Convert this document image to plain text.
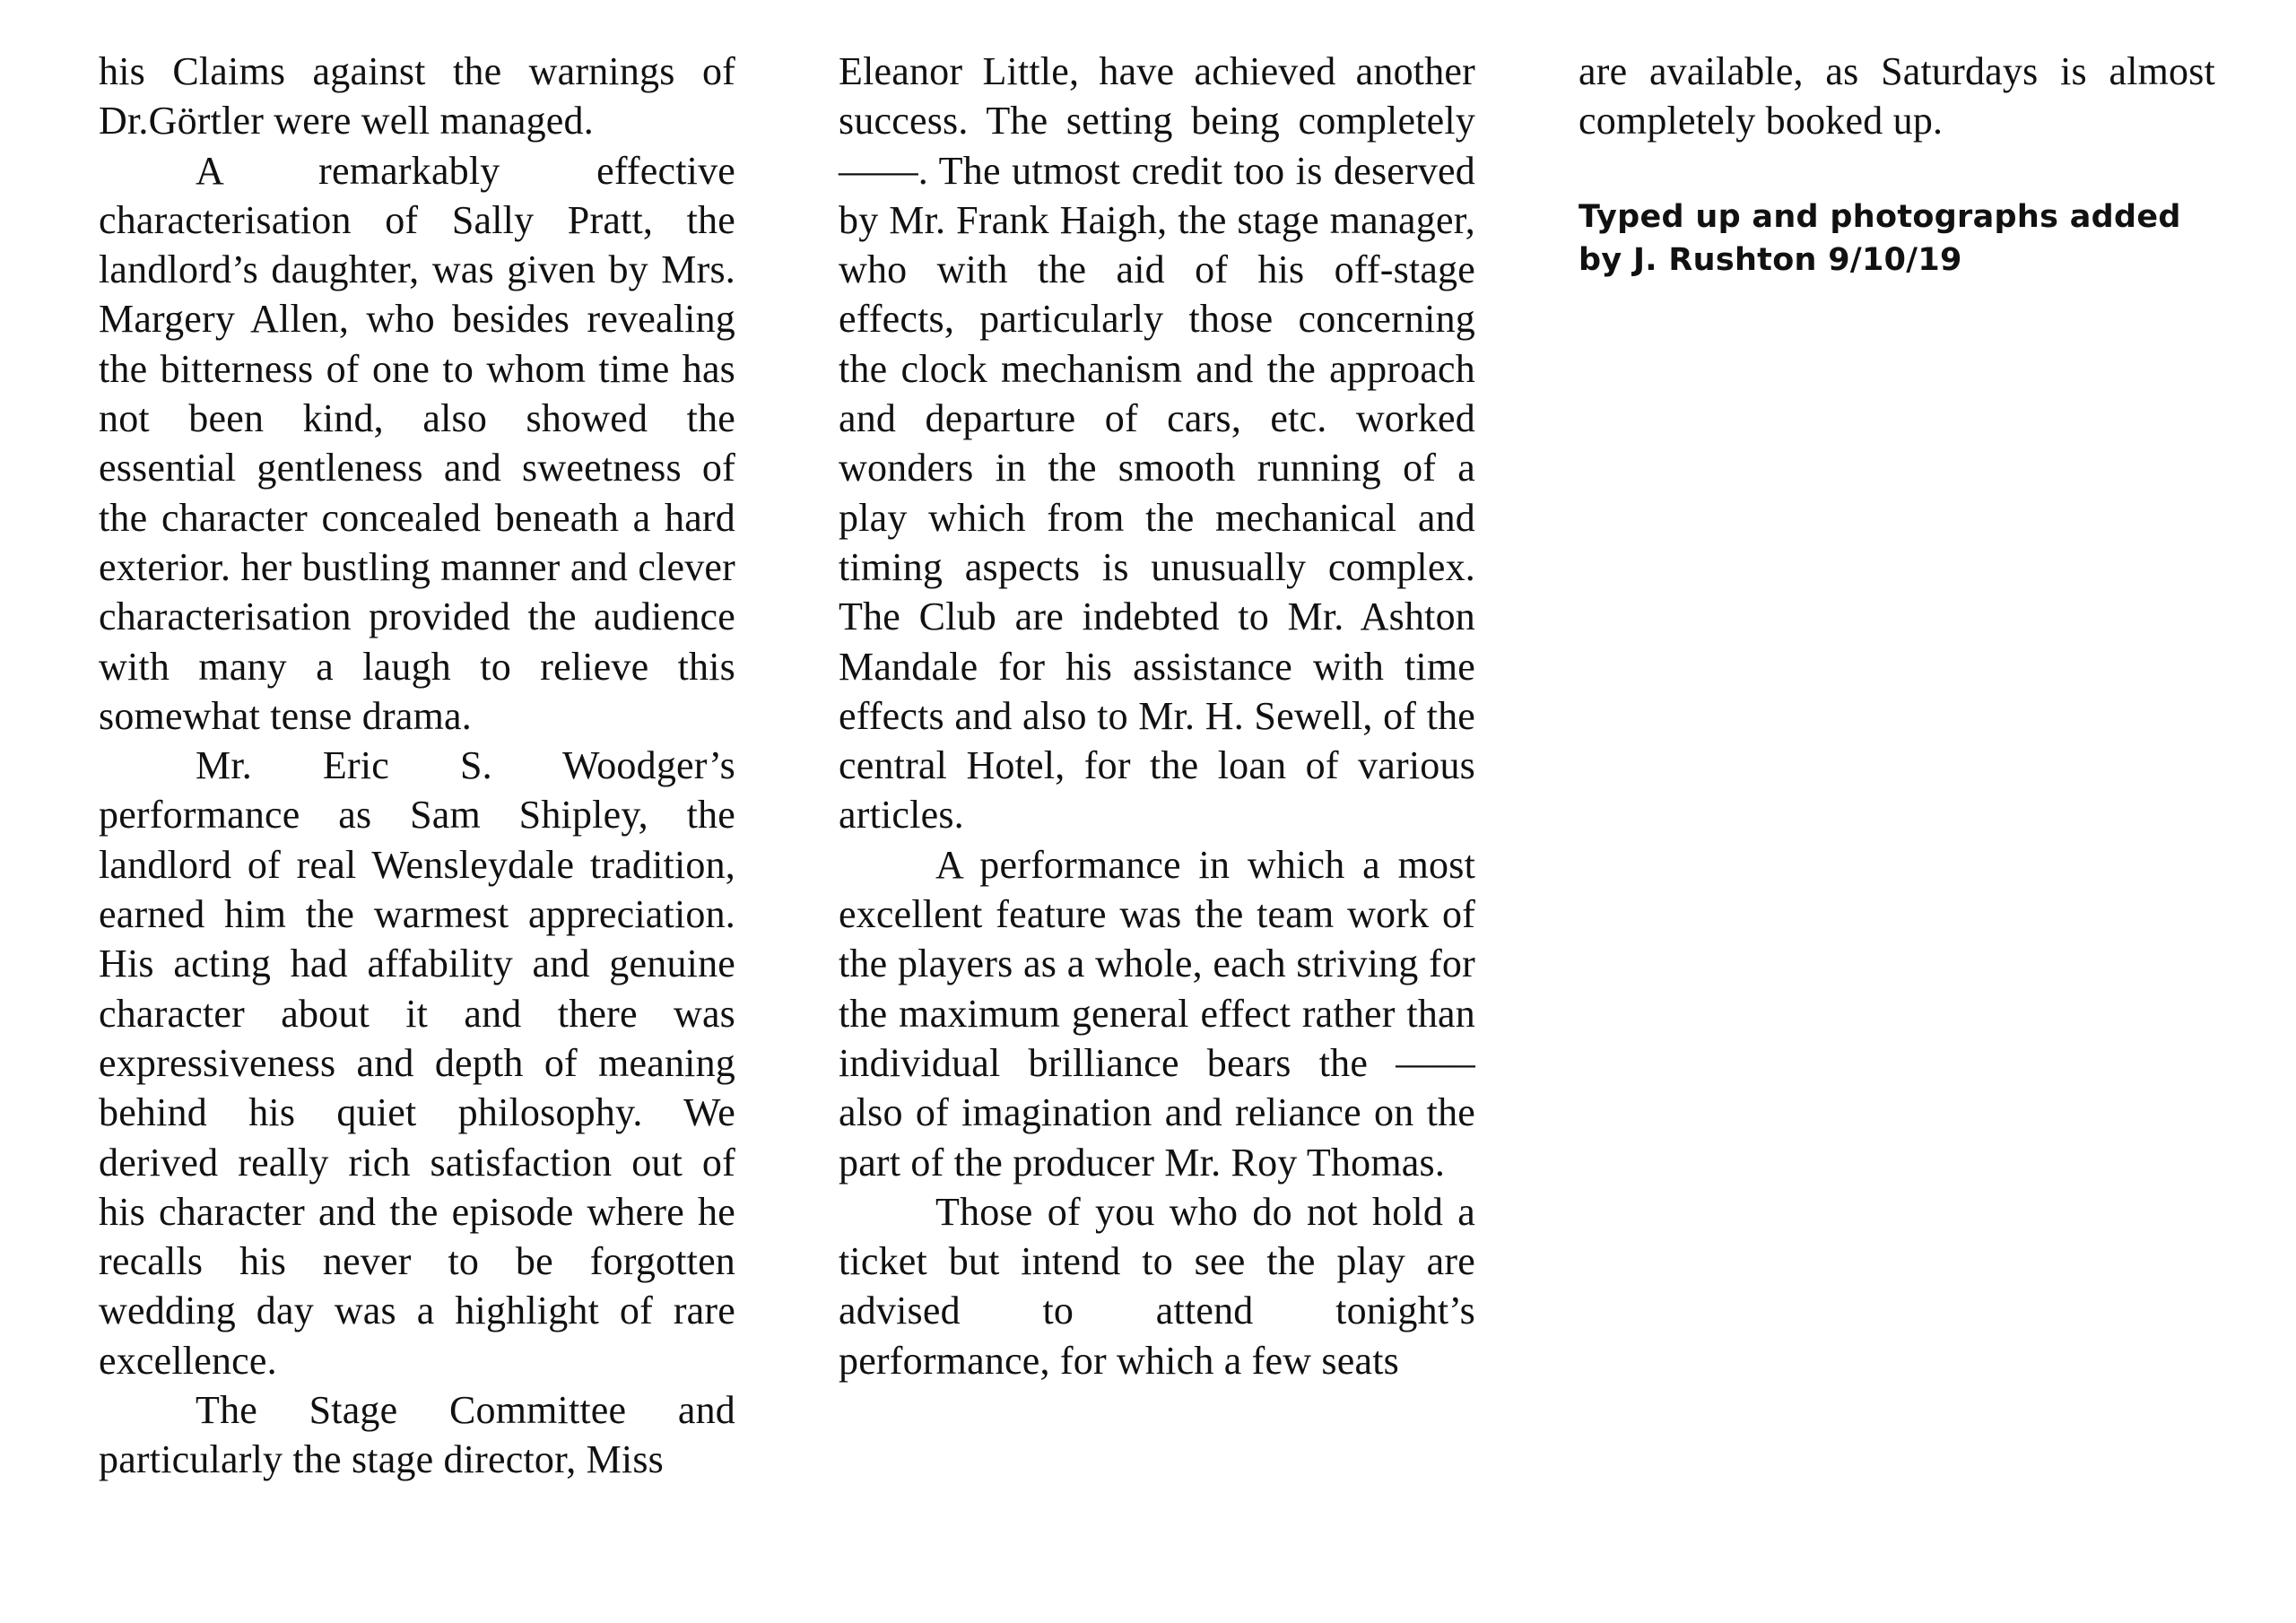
his Claims against the warnings of Dr.Görtler were well managed.

A remarkably effective characterisation of Sally Pratt, the landlord’s daughter, was given by Mrs. Margery Allen, who besides revealing the bitterness of one to whom time has not been kind, also showed the essential gentleness and sweetness of the character concealed beneath a hard exterior. her bustling manner and clever characterisation provided the audience with many a laugh to relieve this somewhat tense drama.

Mr. Eric S. Woodger’s performance as Sam Shipley, the landlord of real Wensleydale tradition, earned him the warmest appreciation. His acting had affability and genuine character about it and there was expressiveness and depth of meaning behind his quiet philosophy. We derived really rich satisfaction out of his character and the episode where he recalls his never to be forgotten wedding day was a highlight of rare excellence.

The Stage Committee and particularly the stage director, Miss

Eleanor Little, have achieved another success. The setting being completely ––––. The utmost credit too is deserved by Mr. Frank Haigh, the stage manager, who with the aid of his off-stage effects, particularly those concerning the clock mechanism and the approach and departure of cars, etc. worked wonders in the smooth running of a play which from the mechanical and timing aspects is unusually complex. The Club are indebted to Mr. Ashton Mandale for his assistance with time effects and also to Mr. H. Sewell, of the central Hotel, for the loan of various articles.

A performance in which a most excellent feature was the team work of the players as a whole, each striving for the maximum general effect rather than individual brilliance bears the –––– also of imagination and reliance on the part of the producer Mr. Roy Thomas.

Those of you who do not hold a ticket but intend to see the play are advised to attend tonight’s performance, for which a few seats

are available, as Saturdays is almost completely booked up.

Typed up and photographs added by J. Rushton 9/10/19
